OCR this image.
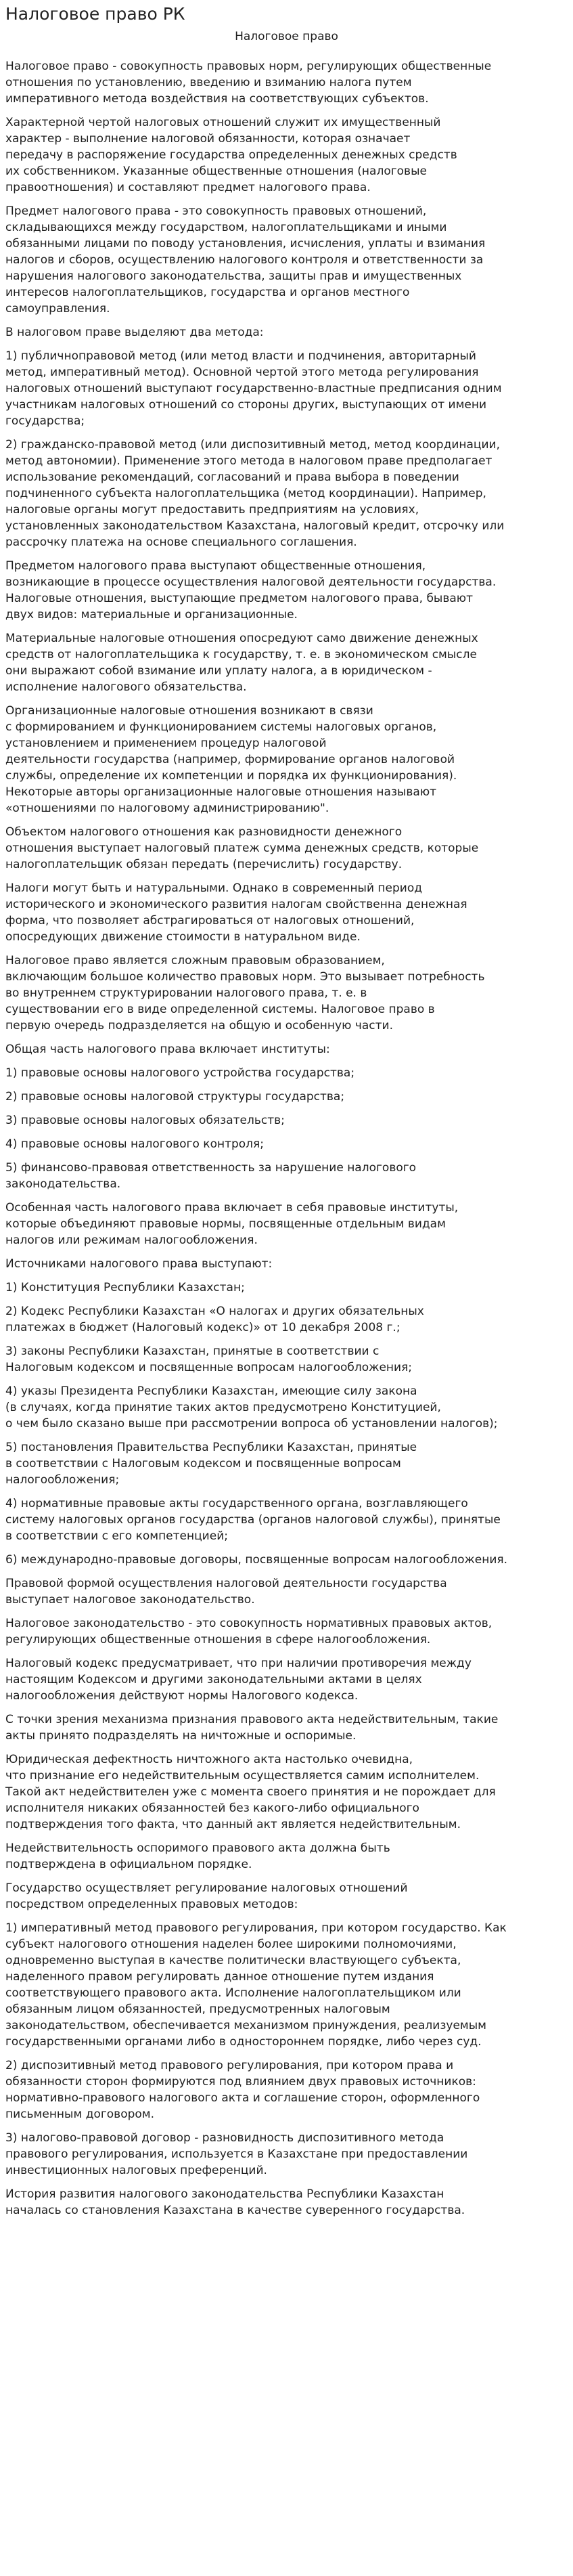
Налоговое право РК
Налоговое право

Налоговое право - совокупность правовых норм, регулирующих общественные
отношения по установлению, введению и взиманию налога путем
императивного метода воздействия на соответствующих субъектов.

Характерной чертой налоговых отношений служит их имущественный
характер - выполнение налоговой обязанности, которая означает
передачу в распоряжение государства определенных денежных средств
их собственником. Указанные общественные отношения (налоговые
правоотношения) и составляют предмет налогового права.

Предмет налогового права - это совокупность правовых отношений,
складывающихся между государством, налогоплательщиками и иными
обязанными лицами по поводу установления, исчисления, уплаты и взимания
налогов и сборов, осуществлению налогового контроля и ответственности за
нарушения налогового законодательства, защиты прав и имущественных
интересов налогоплательщиков, государства и органов местного
самоуправления.

В налоговом праве выделяют два метода:

1) публичноправовой метод (или метод власти и подчинения, авторитарный
метод, императивный метод). Основной чертой этого метода регулирования
налоговых отношений выступают государственно-властные предписания одним
участникам налоговых отношений со стороны других, выступающих от имени
государства;

2) гражданско-правовой метод (или диспозитивный метод, метод координации,
метод автономии). Применение этого метода в налоговом праве предполагает
использование рекомендаций, согласований и права выбора в поведении
подчиненного субъекта налогоплательщика (метод координации). Например,
налоговые органы могут предоставить предприятиям на условиях,
установленных законодательством Казахстана, налоговый кредит, отсрочку или
рассрочку платежа на основе специального соглашения.

Предметом налогового права выступают общественные отношения,
возникающие в процессе осуществления налоговой деятельности государства.
Налоговые отношения, выступающие предметом налогового права, бывают
двух видов: материальные и организационные.

Материальные налоговые отношения опосредуют само движение денежных
средств от налогоплательщика к государству, т. е. в экономическом смысле
они выражают собой взимание или уплату налога, а в юридическом -
исполнение налогового обязательства.

Организационные налоговые отношения возникают в связи
с формированием и функционированием системы налоговых органов,
установлением и применением процедур налоговой
деятельности государства (например, формирование органов налоговой
службы, определение их компетенции и порядка их функционирования).
Некоторые авторы организационные налоговые отношения называют
«отношениями по налоговому администрированию".

Объектом налогового отношения как разновидности денежного
отношения выступает налоговый платеж сумма денежных средств, которые
налогоплательщик обязан передать (перечислить) государству.

Налоги могут быть и натуральными. Однако в современный период
исторического и экономического развития налогам свойственна денежная
форма, что позволяет абстрагироваться от налоговых отношений,
опосредующих движение стоимости в натуральном виде.

Налоговое право является сложным правовым образованием,
включающим большое количество правовых норм. Это вызывает потребность
во внутреннем структурировании налогового права, т. е. в
существовании его в виде определенной системы. Налоговое право в
первую очередь подразделяется на общую и особенную части.

Общая часть налогового права включает институты:

1) правовые основы налогового устройства государства;

2) правовые основы налоговой структуры государства;

3) правовые основы налоговых обязательств;

4) правовые основы налогового контроля;

5) финансово-правовая ответственность за нарушение налогового
законодательства.

Особенная часть налогового права включает в себя правовые институты,
которые объединяют правовые нормы, посвященные отдельным видам
налогов или режимам налогообложения.

Источниками налогового права выступают:

1) Конституция Республики Казахстан;

2) Кодекс Республики Казахстан «О налогах и других обязательных
платежах в бюджет (Налоговый кодекс)» от 10 декабря 2008 г.;

3) законы Республики Казахстан, принятые в соответствии с
Налоговым кодексом и посвященные вопросам налогообложения;

4) указы Президента Республики Казахстан, имеющие силу закона
(в случаях, когда принятие таких актов предусмотрено Конституцией,
о чем было сказано выше при рассмотрении вопроса об установлении налогов);

5) постановления Правительства Республики Казахстан, принятые
в соответствии с Налоговым кодексом и посвященные вопросам
налогообложения;

4) нормативные правовые акты государственного органа, возглавляющего
систему налоговых органов государства (органов налоговой службы), принятые
в соответствии с его компетенцией;

6) международно-правовые договоры, посвященные вопросам налогообложения.

Правовой формой осуществления налоговой деятельности государства
выступает налоговое законодательство.

Налоговое законодательство - это совокупность нормативных правовых актов,
регулирующих общественные отношения в сфере налогообложения.

Налоговый кодекс предусматривает, что при наличии противоречия между
настоящим Кодексом и другими законодательными актами в целях
налогообложения действуют нормы Налогового кодекса.

С точки зрения механизма признания правового акта недействительным, такие
акты принято подразделять на ничтожные и оспоримые.

Юридическая дефектность ничтожного акта настолько очевидна,
что признание его недействительным осуществляется самим исполнителем.
Такой акт недействителен уже с момента своего принятия и не порождает для
исполнителя никаких обязанностей без какого-либо официального
подтверждения того факта, что данный акт является недействительным.

Недействительность оспоримого правового акта должна быть
подтверждена в официальном порядке.

Государство осуществляет регулирование налоговых отношений
посредством определенных правовых методов:

1) императивный метод правового регулирования, при котором государство. Как
субъект налогового отношения наделен более широкими полномочиями,
одновременно выступая в качестве политически властвующего субъекта,
наделенного правом регулировать данное отношение путем издания
соответствующего правового акта. Исполнение налогоплательщиком или
обязанным лицом обязанностей, предусмотренных налоговым
законодательством, обеспечивается механизмом принуждения, реализуемым
государственными органами либо в одностороннем порядке, либо через суд.

2) диспозитивный метод правового регулирования, при котором права и
обязанности сторон формируются под влиянием двух правовых источников:
нормативно-правового налогового акта и соглашение сторон, оформленного
письменным договором.

3) налогово-правовой договор - разновидность диспозитивного метода
правового регулирования, используется в Казахстане при предоставлении
инвестиционных налоговых преференций.

История развития налогового законодательства Республики Казахстан
началась со становления Казахстана в качестве суверенного государства.
